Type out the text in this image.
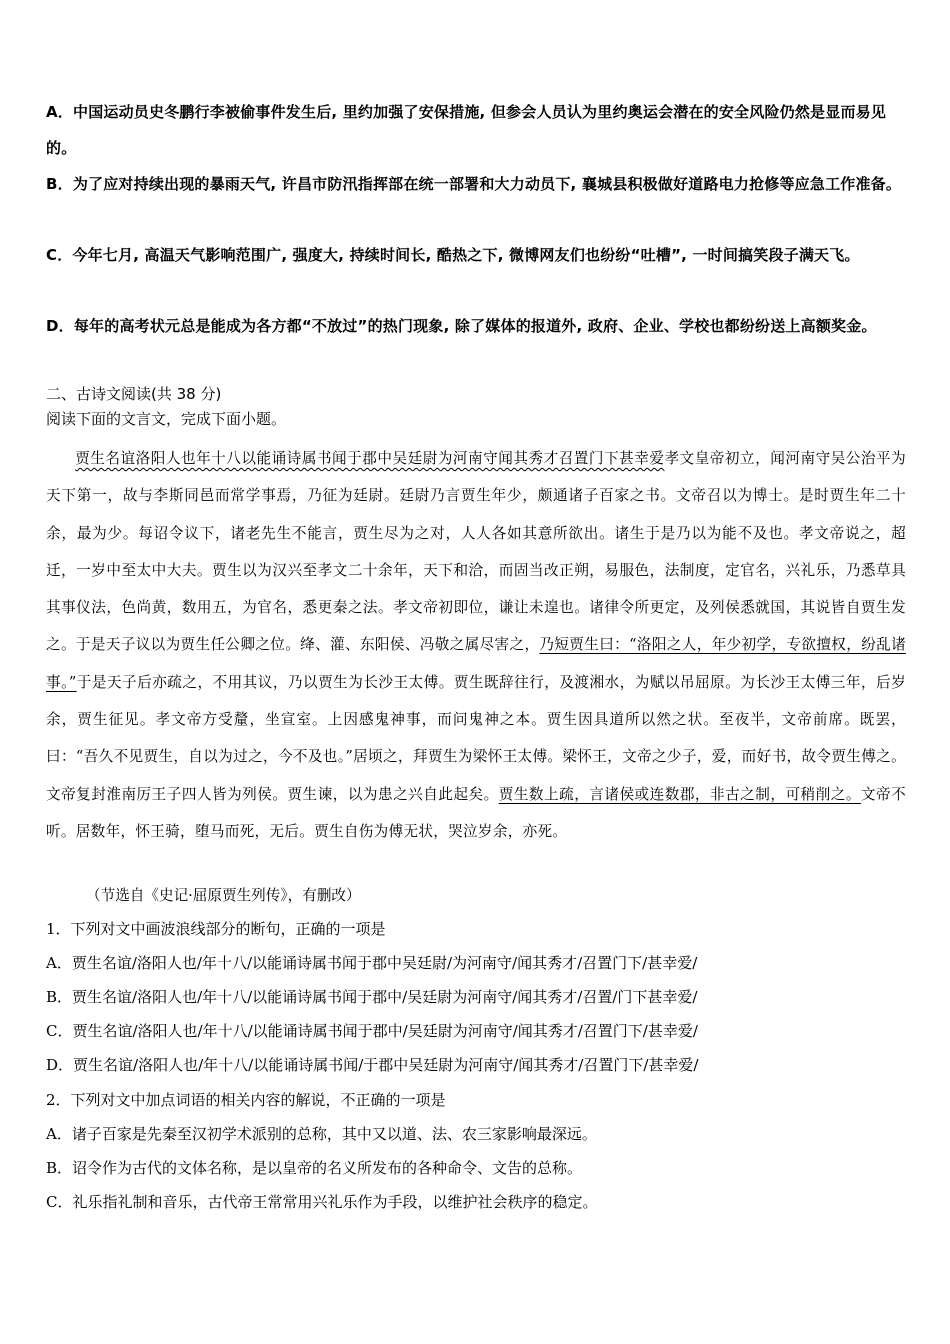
A．中国运动员史冬鹏行李被偷事件发生后, 里约加强了安保措施, 但参会人员认为里约奥运会潜在的安全风险仍然是显而易见的。
B．为了应对持续出现的暴雨天气, 许昌市防汛指挥部在统一部署和大力动员下, 襄城县积极做好道路电力抢修等应急工作准备。
C．今年七月, 高温天气影响范围广, 强度大, 持续时间长, 酷热之下, 微博网友们也纷纷“吐槽”, 一时间搞笑段子满天飞。
D．每年的高考状元总是能成为各方都“不放过”的热门现象, 除了媒体的报道外, 政府、企业、学校也都纷纷送上高额奖金。
二、古诗文阅读(共 38 分)
阅读下面的文言文，完成下面小题。
贾生名谊洛阳人也年十八以能诵诗属书闻于郡中吴廷尉为河南守闻其秀才召置门下甚幸爱孝文皇帝初立，闻河南守吴公治平为天下第一，故与李斯同邑而常学事焉，乃征为廷尉。廷尉乃言贾生年少，颇通诸子百家之书。文帝召以为博士。是时贾生年二十余，最为少。每诏令议下，诸老先生不能言，贾生尽为之对，人人各如其意所欲出。诸生于是乃以为能不及也。孝文帝说之，超迁，一岁中至太中大夫。贾生以为汉兴至孝文二十余年，天下和洽，而固当改正朔，易服色，法制度，定官名，兴礼乐，乃悉草具其事仪法，色尚黄，数用五，为官名，悉更秦之法。孝文帝初即位，谦让未遑也。诸律令所更定，及列侯悉就国，其说皆自贾生发之。于是天子议以为贾生任公卿之位。绛、灌、东阳侯、冯敬之属尽害之，乃短贾生曰：“洛阳之人，年少初学，专欲擅权，纷乱诸事。”于是天子后亦疏之，不用其议，乃以贾生为长沙王太傅。贾生既辞往行，及渡湘水，为赋以吊屈原。为长沙王太傅三年，后岁余，贾生征见。孝文帝方受釐，坐宣室。上因感鬼神事，而问鬼神之本。贾生因具道所以然之状。至夜半，文帝前席。既罢，曰：“吾久不见贾生，自以为过之，今不及也。”居顷之，拜贾生为梁怀王太傅。梁怀王，文帝之少子，爱，而好书，故令贾生傅之。文帝复封淮南厉王子四人皆为列侯。贾生谏，以为患之兴自此起矣。贾生数上疏，言诸侯或连数郡，非古之制，可稍削之。文帝不听。居数年，怀王骑，堕马而死，无后。贾生自伤为傅无状，哭泣岁余，亦死。
（节选自《史记·屈原贾生列传》，有删改）
1．下列对文中画波浪线部分的断句，正确的一项是
A．贾生名谊/洛阳人也/年十八/以能诵诗属书闻于郡中吴廷尉/为河南守/闻其秀才/召置门下/甚幸爱/
B．贾生名谊/洛阳人也/年十八/以能诵诗属书闻于郡中/吴廷尉为河南守/闻其秀才/召置/门下甚幸爱/
C．贾生名谊/洛阳人也/年十八/以能诵诗属书闻于郡中/吴廷尉为河南守/闻其秀才/召置门下/甚幸爱/
D．贾生名谊/洛阳人也/年十八/以能诵诗属书闻/于郡中吴廷尉为河南守/闻其秀才/召置门下/甚幸爱/
2．下列对文中加点词语的相关内容的解说，不正确的一项是
A．诸子百家是先秦至汉初学术派别的总称，其中又以道、法、农三家影响最深远。
B．诏令作为古代的文体名称，是以皇帝的名义所发布的各种命令、文告的总称。
C．礼乐指礼制和音乐，古代帝王常常用兴礼乐作为手段，以维护社会秩序的稳定。
